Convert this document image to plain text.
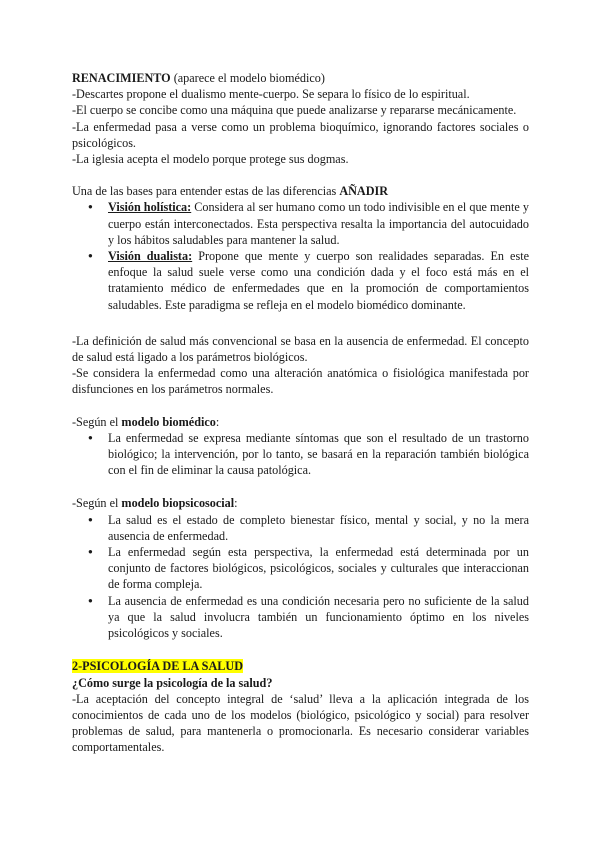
RENACIMIENTO (aparece el modelo biomédico)

-Descartes propone el dualismo mente-cuerpo. Se separa lo físico de lo espiritual.

-El cuerpo se concibe como una máquina que puede analizarse y repararse mecánicamente.

-La enfermedad pasa a verse como un problema bioquímico, ignorando factores sociales o psicológicos.

-La iglesia acepta el modelo porque protege sus dogmas.

Una de las bases para entender estas de las diferencias AÑADIR

● Visión holística: Considera al ser humano como un todo indivisible en el que mente y cuerpo están interconectados. Esta perspectiva resalta la importancia del autocuidado y los hábitos saludables para mantener la salud.
● Visión dualista: Propone que mente y cuerpo son realidades separadas. En este enfoque la salud suele verse como una condición dada y el foco está más en el tratamiento médico de enfermedades que en la promoción de comportamientos saludables. Este paradigma se refleja en el modelo biomédico dominante.

-La definición de salud más convencional se basa en la ausencia de enfermedad. El concepto de salud está ligado a los parámetros biológicos.

-Se considera la enfermedad como una alteración anatómica o fisiológica manifestada por disfunciones en los parámetros normales.

-Según el modelo biomédico:

● La enfermedad se expresa mediante síntomas que son el resultado de un trastorno biológico; la intervención, por lo tanto, se basará en la reparación también biológica con el fin de eliminar la causa patológica.

-Según el modelo biopsicosocial:

● La salud es el estado de completo bienestar físico, mental y social, y no la mera ausencia de enfermedad.
● La enfermedad según esta perspectiva, la enfermedad está determinada por un conjunto de factores biológicos, psicológicos, sociales y culturales que interaccionan de forma compleja.
● La ausencia de enfermedad es una condición necesaria pero no suficiente de la salud ya que la salud involucra también un funcionamiento óptimo en los niveles psicológicos y sociales.

2-PSICOLOGÍA DE LA SALUD

¿Cómo surge la psicología de la salud?

-La aceptación del concepto integral de ‘salud’ lleva a la aplicación integrada de los conocimientos de cada uno de los modelos (biológico, psicológico y social) para resolver problemas de salud, para mantenerla o promocionarla. Es necesario considerar variables comportamentales.
